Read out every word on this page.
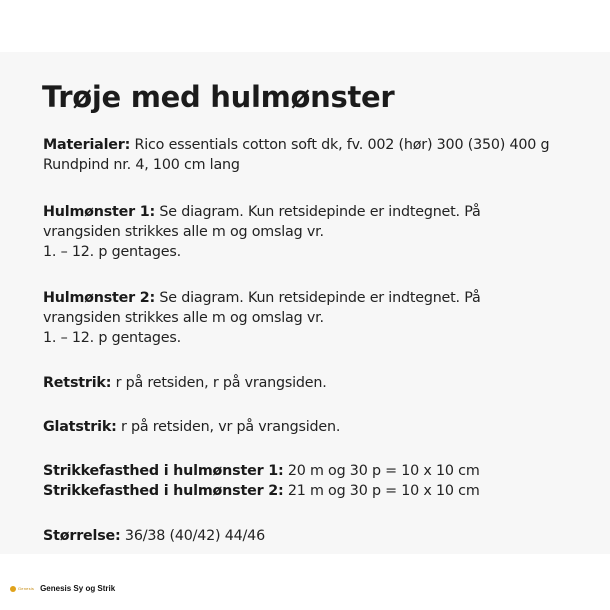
Trøje med hulmønster
Materialer: Rico essentials cotton soft dk, fv. 002 (hør) 300 (350) 400 g
Rundpind nr. 4, 100 cm lang
Hulmønster 1: Se diagram. Kun retsidepinde er indtegnet. På
vrangsiden strikkes alle m og omslag vr.
1. – 12. p gentages.
Hulmønster 2: Se diagram. Kun retsidepinde er indtegnet. På
vrangsiden strikkes alle m og omslag vr.
1. – 12. p gentages.
Retstrik: r på retsiden, r på vrangsiden.
Glatstrik: r på retsiden, vr på vrangsiden.
Strikkefasthed i hulmønster 1: 20 m og 30 p = 10 x 10 cm
Strikkefasthed i hulmønster 2: 21 m og 30 p = 10 x 10 cm
Størrelse: 36/38 (40/42) 44/46
Genesis Genesis Sy og Strik
